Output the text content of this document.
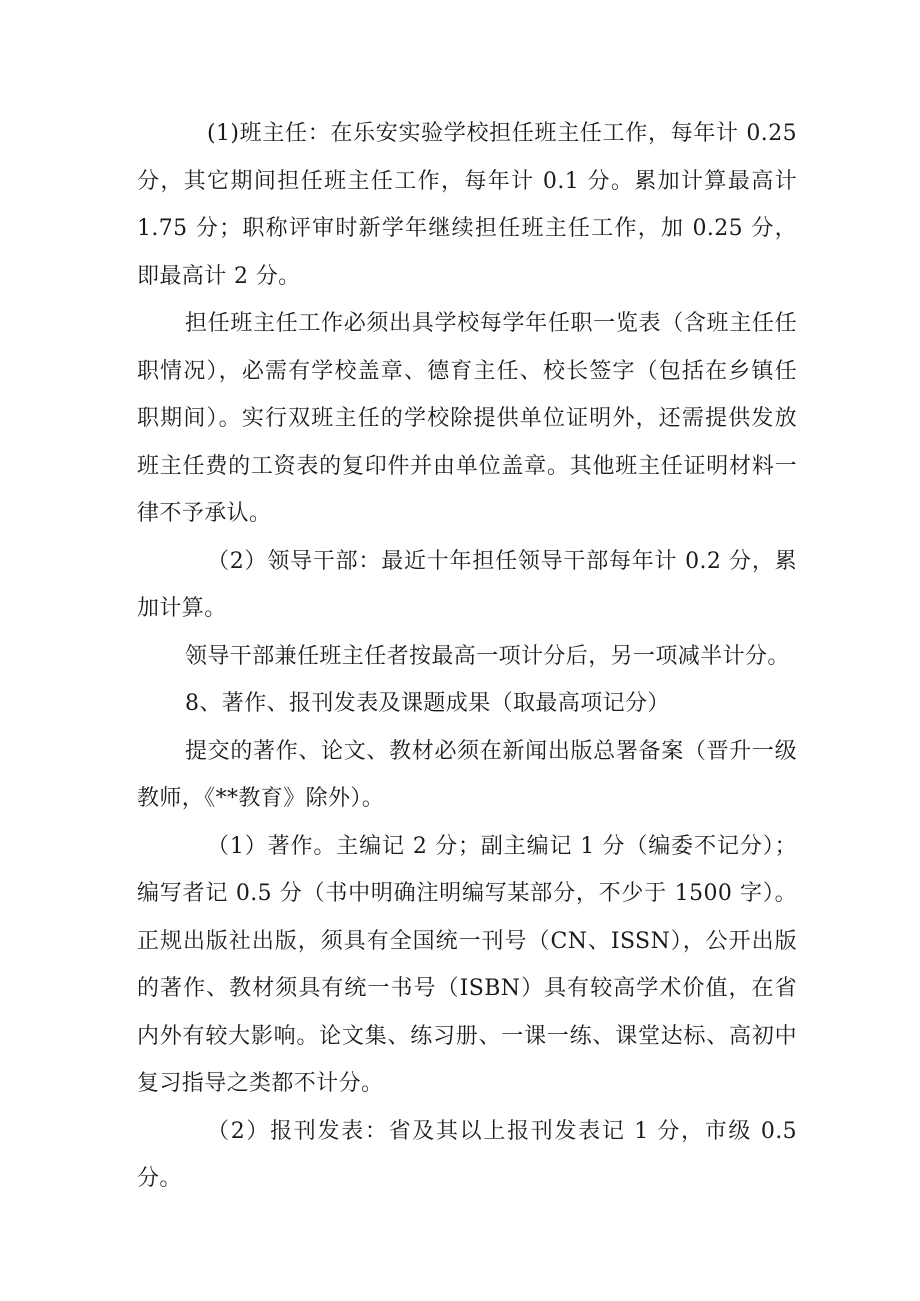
(1)班主任：在乐安实验学校担任班主任工作，每年计 0.25 分，其它期间担任班主任工作，每年计 0.1 分。累加计算最高计 1.75 分；职称评审时新学年继续担任班主任工作，加 0.25 分，即最高计 2 分。

担任班主任工作必须出具学校每学年任职一览表（含班主任任职情况），必需有学校盖章、德育主任、校长签字（包括在乡镇任职期间）。实行双班主任的学校除提供单位证明外，还需提供发放班主任费的工资表的复印件并由单位盖章。其他班主任证明材料一律不予承认。

（2）领导干部：最近十年担任领导干部每年计 0.2 分，累加计算。

领导干部兼任班主任者按最高一项计分后，另一项减半计分。

8、著作、报刊发表及课题成果（取最高项记分）

提交的著作、论文、教材必须在新闻出版总署备案（晋升一级教师，《**教育》除外）。

（1）著作。主编记 2 分；副主编记 1 分（编委不记分）；编写者记 0.5 分（书中明确注明编写某部分，不少于 1500 字）。正规出版社出版，须具有全国统一刊号（CN、ISSN），公开出版的著作、教材须具有统一书号（ISBN）具有较高学术价值，在省内外有较大影响。论文集、练习册、一课一练、课堂达标、高初中复习指导之类都不计分。

（2）报刊发表：省及其以上报刊发表记 1 分，市级 0.5 分。
